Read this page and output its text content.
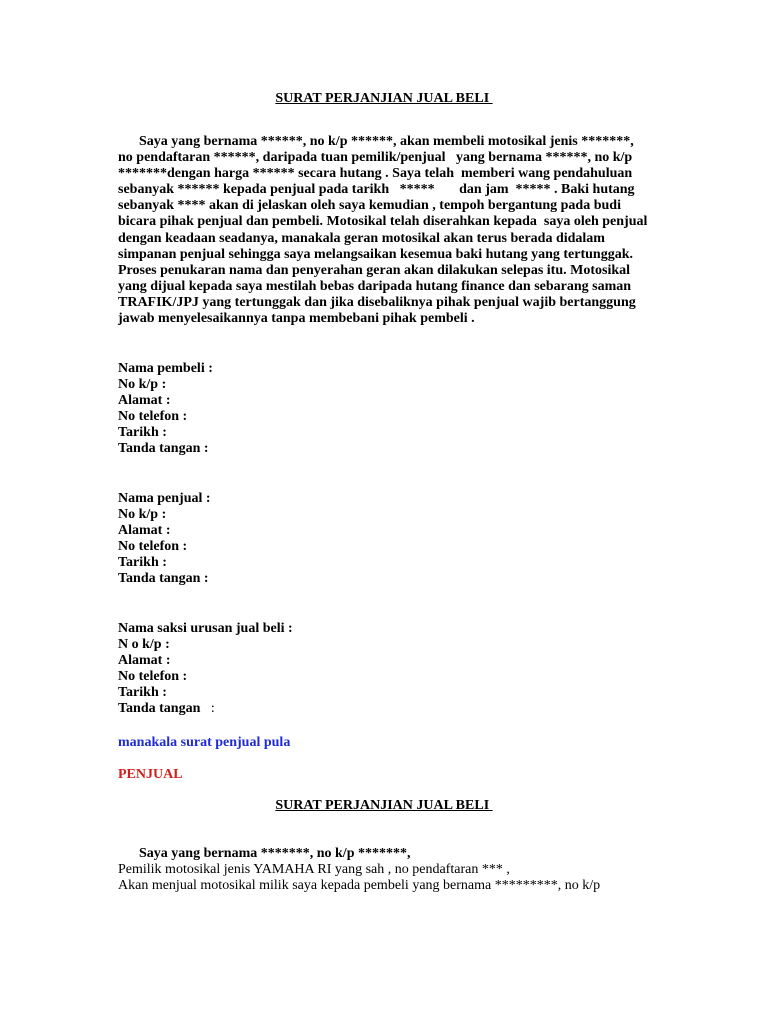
SURAT PERJANJIAN JUAL BELI
Saya yang bernama ******, no k/p ******, akan membeli motosikal jenis *******,
no pendaftaran ******, daripada tuan pemilik/penjual   yang bernama ******, no k/p
*******dengan harga ****** secara hutang . Saya telah  memberi wang pendahuluan
sebanyak ****** kepada penjual pada tarikh   *****       dan jam  ***** . Baki hutang
sebanyak **** akan di jelaskan oleh saya kemudian , tempoh bergantung pada budi
bicara pihak penjual dan pembeli. Motosikal telah diserahkan kepada  saya oleh penjual
dengan keadaan seadanya, manakala geran motosikal akan terus berada didalam
simpanan penjual sehingga saya melangsaikan kesemua baki hutang yang tertunggak.
Proses penukaran nama dan penyerahan geran akan dilakukan selepas itu. Motosikal
yang dijual kepada saya mestilah bebas daripada hutang finance dan sebarang saman
TRAFIK/JPJ yang tertunggak dan jika disebaliknya pihak penjual wajib bertanggung
jawab menyelesaikannya tanpa membebani pihak pembeli .
Nama pembeli :
No k/p :
Alamat :
No telefon :
Tarikh :
Tanda tangan :
Nama penjual :
No k/p :
Alamat :
No telefon :
Tarikh :
Tanda tangan :
Nama saksi urusan jual beli :
N o k/p :
Alamat :
No telefon :
Tarikh :
Tanda tangan   :
manakala surat penjual pula
PENJUAL
SURAT PERJANJIAN JUAL BELI
Saya yang bernama *******, no k/p *******,
Pemilik motosikal jenis YAMAHA RI yang sah , no pendaftaran *** ,
Akan menjual motosikal milik saya kepada pembeli yang bernama *********, no k/p
